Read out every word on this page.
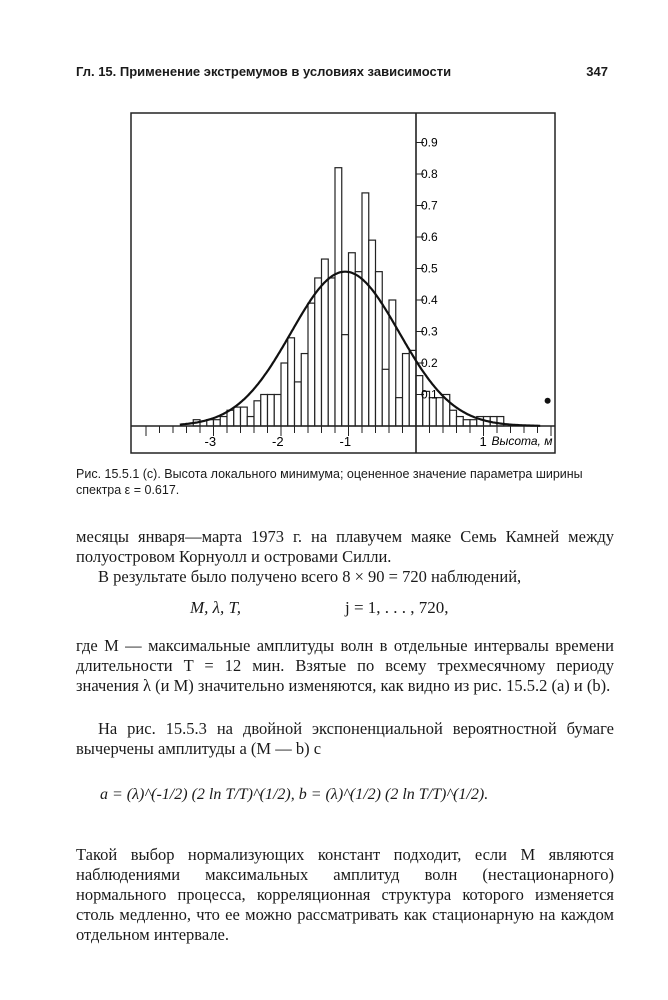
Гл. 15. Применение экстремумов в условиях зависимости	347
0.1
0.2
0.3
0.4
0.5
0.6
0.7
0.8
0.9
-3	-2	-1	1 Высота, м
Рис. 15.5.1 (c). Высота локального минимума; оцененное значение параметра ширины спектра ε = 0.617.
месяцы января—марта 1973 г. на плавучем маяке Семь Камней между полуостровом Корнуолл и островами Силли.
В результате было получено всего 8 × 90 = 720 наблюдений,
M, λ, T,	j = 1, . . . , 720,
где M — максимальные амплитуды волн в отдельные интервалы времени длительности T = 12 мин. Взятые по всему трехмесячному периоду значения λ (и M) значительно изменяются, как видно из рис. 15.5.2 (a) и (b).
На рис. 15.5.3 на двойной экспоненциальной вероятностной бумаге вычерчены амплитуды a (M — b) с
a = (λ)^(-1/2) (2 ln T/T)^(1/2), b = (λ)^(1/2) (2 ln T/T)^(1/2).
Такой выбор нормализующих констант подходит, если M являются наблюдениями максимальных амплитуд волн (нестационарного) нормального процесса, корреляционная структура которого изменяется столь медленно, что ее можно рассматривать как стационарную на каждом отдельном интервале.
